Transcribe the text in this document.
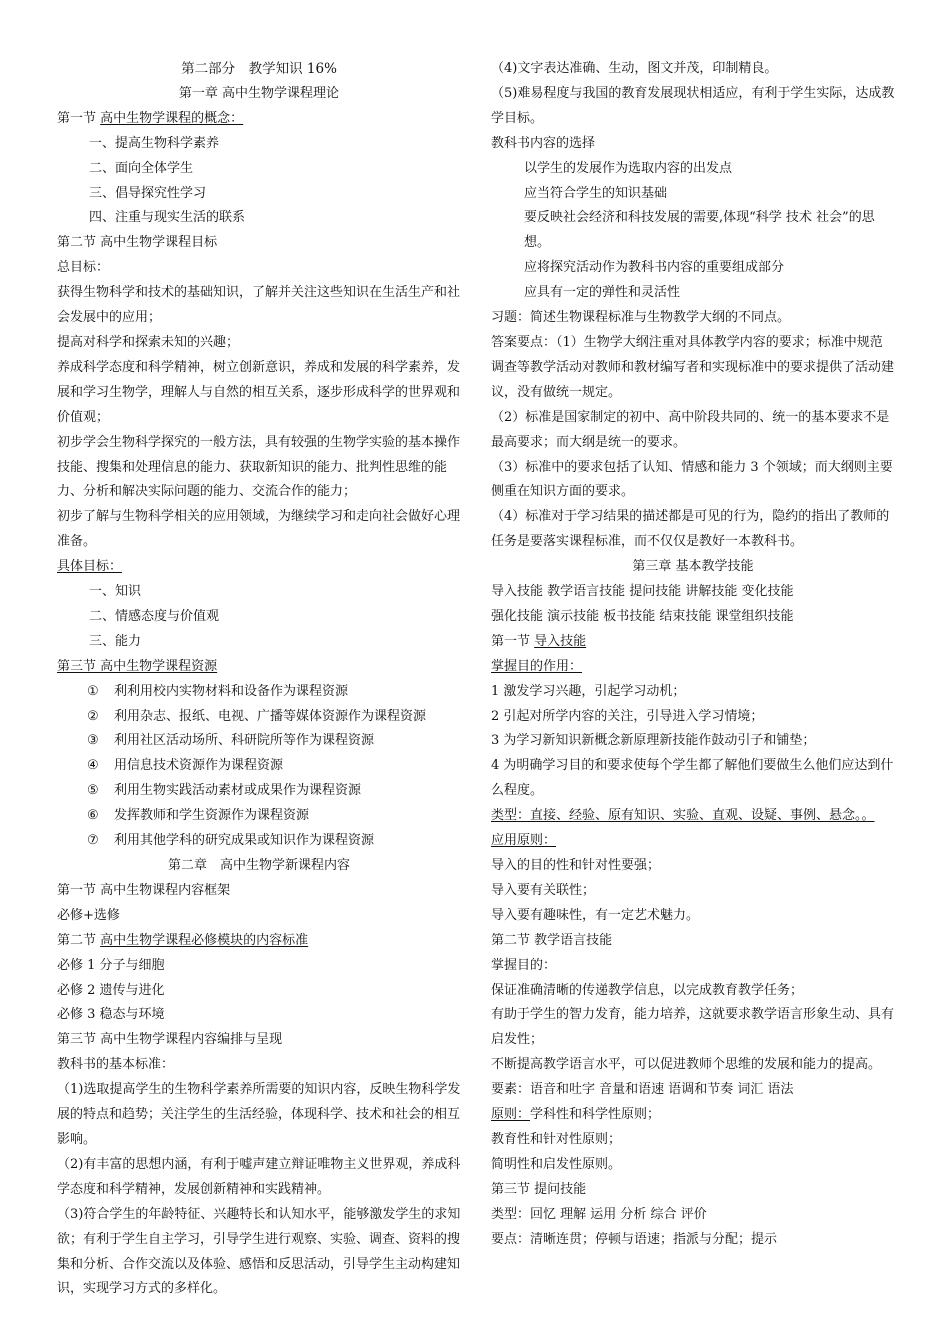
第二部分　教学知识 16%
第一章 高中生物学课程理论
第一节 高中生物学课程的概念：
一、提高生物科学素养
二、面向全体学生
三、倡导探究性学习
四、注重与现实生活的联系
第二节 高中生物学课程目标
总目标：
获得生物科学和技术的基础知识，了解并关注这些知识在生活生产和社会发展中的应用；
提高对科学和探索未知的兴趣；
养成科学态度和科学精神，树立创新意识，养成和发展的科学素养，发展和学习生物学，理解人与自然的相互关系，逐步形成科学的世界观和价值观；
初步学会生物科学探究的一般方法，具有较强的生物学实验的基本操作技能、搜集和处理信息的能力、获取新知识的能力、批判性思维的能力、分析和解决实际问题的能力、交流合作的能力；
初步了解与生物科学相关的应用领域，为继续学习和走向社会做好心理准备。
具体目标：
一、知识
二、情感态度与价值观
三、能力
第三节 高中生物学课程资源
① 利利用校内实物材料和设备作为课程资源
② 利用杂志、报纸、电视、广播等媒体资源作为课程资源
③ 利用社区活动场所、科研院所等作为课程资源
④ 用信息技术资源作为课程资源
⑤ 利用生物实践活动素材或成果作为课程资源
⑥ 发挥教师和学生资源作为课程资源
⑦ 利用其他学科的研究成果或知识作为课程资源
第二章　高中生物学新课程内容
第一节 高中生物课程内容框架
必修+选修
第二节 高中生物学课程必修模块的内容标准
必修 1 分子与细胞
必修 2 遗传与进化
必修 3 稳态与环境
第三节 高中生物学课程内容编排与呈现
教科书的基本标准：
（1)选取提高学生的生物科学素养所需要的知识内容，反映生物科学发展的特点和趋势；关注学生的生活经验，体现科学、技术和社会的相互影响。
（2)有丰富的思想内涵，有利于嘘声建立辩证唯物主义世界观，养成科学态度和科学精神，发展创新精神和实践精神。
（3)符合学生的年龄特征、兴趣特长和认知水平，能够激发学生的求知欲；有利于学生自主学习，引导学生进行观察、实验、调查、资料的搜集和分析、合作交流以及体验、感悟和反思活动，引导学生主动构建知识，实现学习方式的多样化。
（4)文字表达准确、生动，图文并茂，印制精良。
（5)难易程度与我国的教育发展现状相适应，有利于学生实际，达成教学目标。
教科书内容的选择
以学生的发展作为选取内容的出发点
应当符合学生的知识基础
要反映社会经济和科技发展的需要,体现“科学 技术 社会”的思想。
应将探究活动作为教科书内容的重要组成部分
应具有一定的弹性和灵活性
习题：简述生物课程标准与生物教学大纲的不同点。
答案要点：（1）生物学大纲注重对具体教学内容的要求；标准中规范调查等教学活动对教师和教材编写者和实现标准中的要求提供了活动建议，没有做统一规定。
（2）标准是国家制定的初中、高中阶段共同的、统一的基本要求不是最高要求；而大纲是统一的要求。
（3）标准中的要求包括了认知、情感和能力 3 个领域；而大纲则主要侧重在知识方面的要求。
（4）标准对于学习结果的描述都是可见的行为，隐约的指出了教师的任务是要落实课程标准，而不仅仅是教好一本教科书。
第三章 基本教学技能
导入技能 教学语言技能 提问技能 讲解技能 变化技能
强化技能 演示技能 板书技能 结束技能 课堂组织技能
第一节 导入技能
掌握目的作用：
1 激发学习兴趣，引起学习动机；
2 引起对所学内容的关注，引导进入学习情境；
3 为学习新知识新概念新原理新技能作鼓动引子和铺垫；
4 为明确学习目的和要求使每个学生都了解他们要做生么他们应达到什么程度。
类型：直接、经验、原有知识、实验、直观、设疑、事例、悬念。。
应用原则：
导入的目的性和针对性要强；
导入要有关联性；
导入要有趣味性，有一定艺术魅力。
第二节 教学语言技能
掌握目的：
保证准确清晰的传递教学信息，以完成教育教学任务；
有助于学生的智力发育，能力培养，这就要求教学语言形象生动、具有启发性；
不断提高教学语言水平，可以促进教师个思维的发展和能力的提高。
要素：语音和吐字 音量和语速 语调和节奏 词汇 语法
原则：学科性和科学性原则；
教育性和针对性原则；
简明性和启发性原则。
第三节 提问技能
类型：回忆 理解 运用 分析 综合 评价
要点：清晰连贯；停顿与语速；指派与分配；提示
